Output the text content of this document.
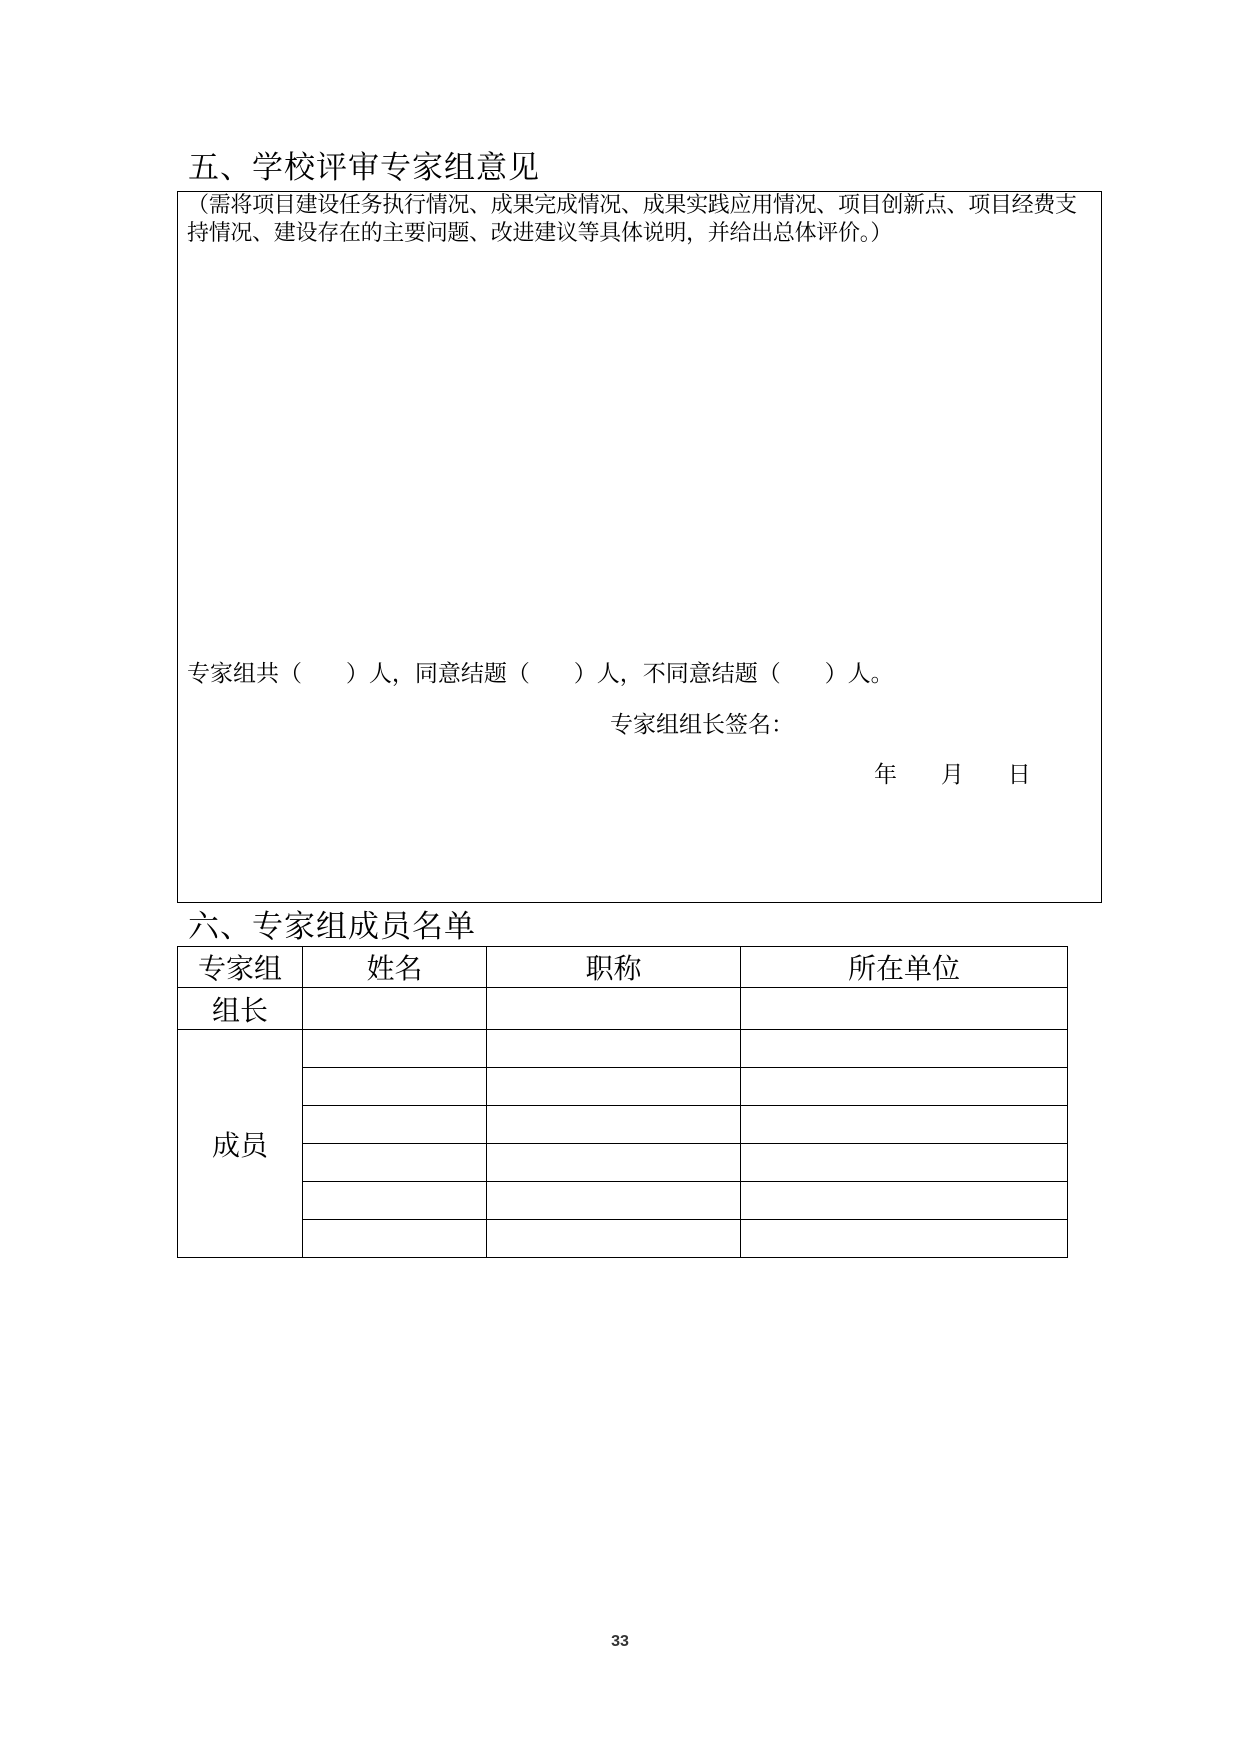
五、学校评审专家组意见
（需将项目建设任务执行情况、成果完成情况、成果实践应用情况、项目创新点、项目经费支持情况、建设存在的主要问题、改进建议等具体说明，并给出总体评价。）
专家组共（      ）人，同意结题（      ）人，不同意结题（      ）人。
专家组组长签名：
年      月      日
六、专家组成员名单
专家组	姓名	职称	所在单位
组长			
成员			

33
